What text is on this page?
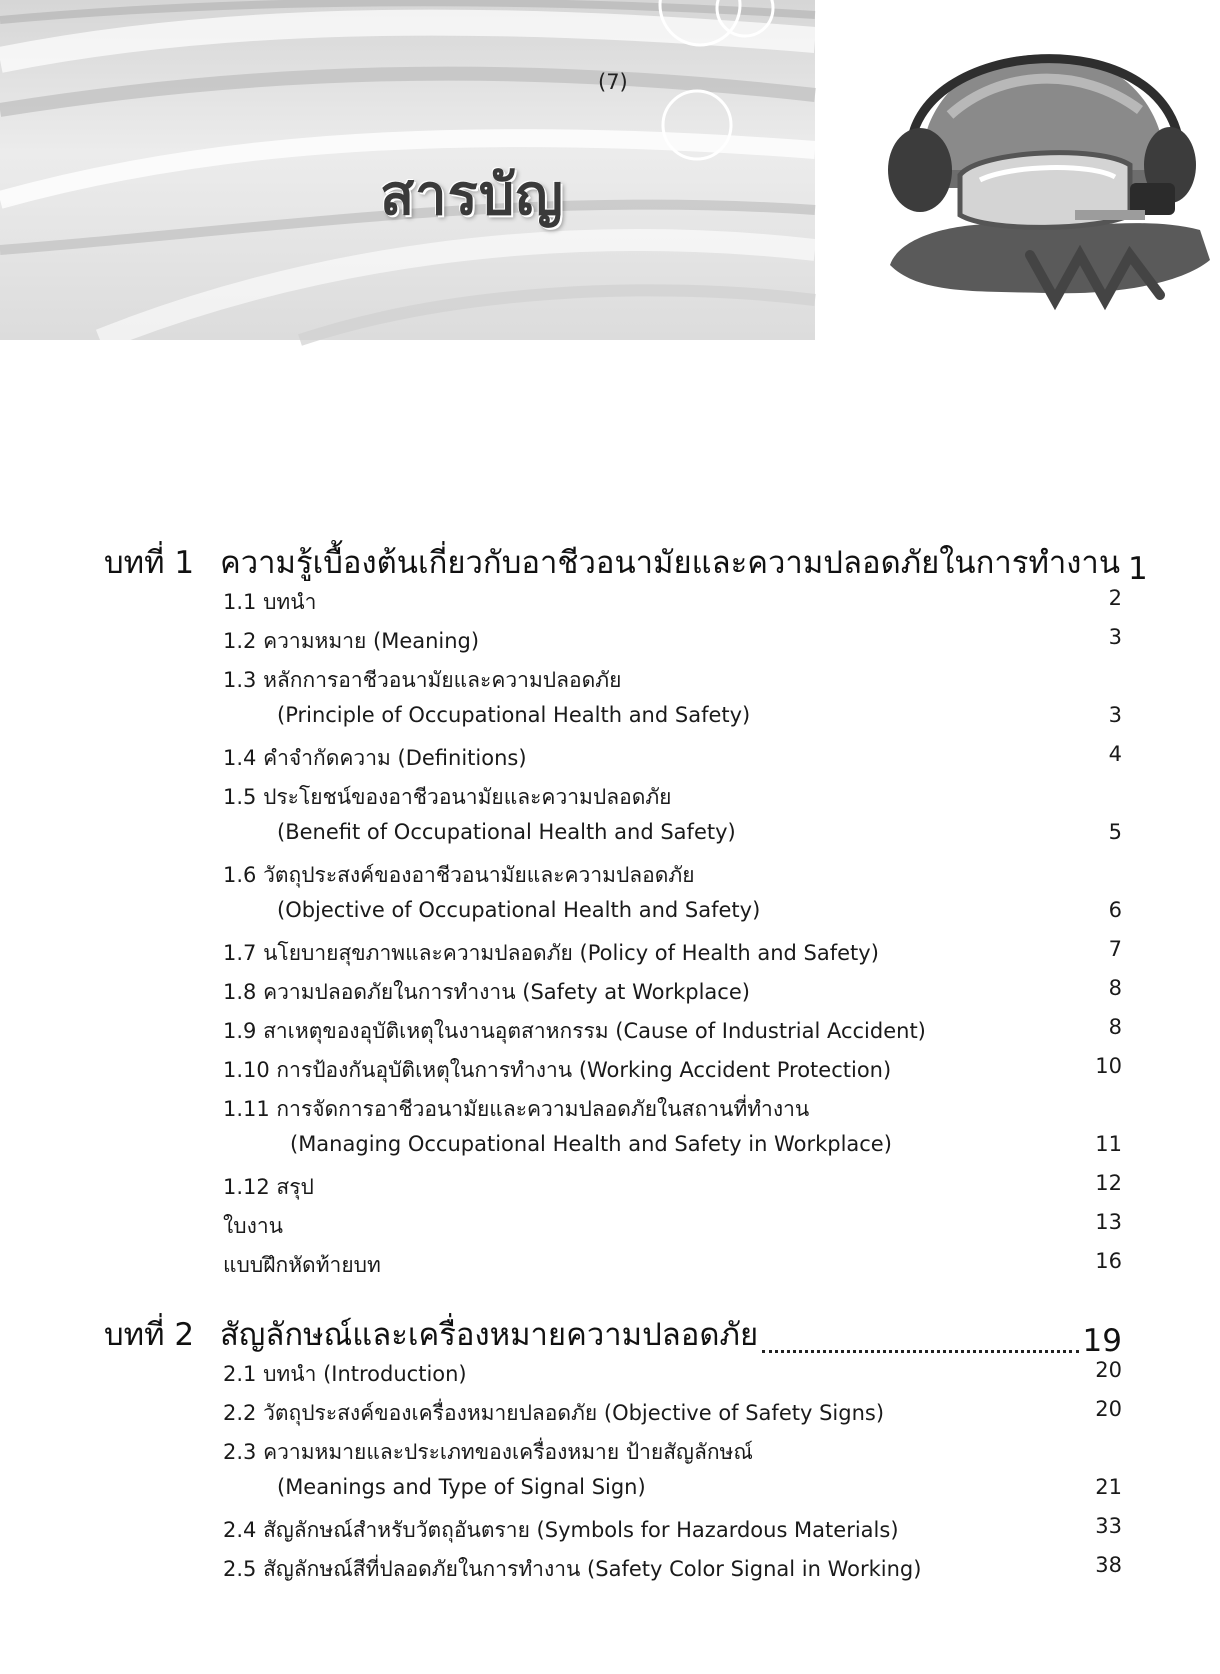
(7)
สารบัญ
บทที่ 1 ความรู้เบื้องต้นเกี่ยวกับอาชีวอนามัยและความปลอดภัยในการทำงาน 1
1.1 บทนำ	2
1.2 ความหมาย (Meaning)	3
1.3 หลักการอาชีวอนามัยและความปลอดภัย
(Principle of Occupational Health and Safety)	3
1.4 คำจำกัดความ (Definitions)	4
1.5 ประโยชน์ของอาชีวอนามัยและความปลอดภัย
(Benefit of Occupational Health and Safety)	5
1.6 วัตถุประสงค์ของอาชีวอนามัยและความปลอดภัย
(Objective of Occupational Health and Safety)	6
1.7 นโยบายสุขภาพและความปลอดภัย (Policy of Health and Safety)	7
1.8 ความปลอดภัยในการทำงาน (Safety at Workplace)	8
1.9 สาเหตุของอุบัติเหตุในงานอุตสาหกรรม (Cause of Industrial Accident)	8
1.10 การป้องกันอุบัติเหตุในการทำงาน (Working Accident Protection)	10
1.11 การจัดการอาชีวอนามัยและความปลอดภัยในสถานที่ทำงาน
(Managing Occupational Health and Safety in Workplace)	11
1.12 สรุป	12
ใบงาน	13
แบบฝึกหัดท้ายบท	16
บทที่ 2 สัญลักษณ์และเครื่องหมายความปลอดภัย	19
2.1 บทนำ (Introduction)	20
2.2 วัตถุประสงค์ของเครื่องหมายปลอดภัย (Objective of Safety Signs)	20
2.3 ความหมายและประเภทของเครื่องหมาย ป้ายสัญลักษณ์
(Meanings and Type of Signal Sign)	21
2.4 สัญลักษณ์สำหรับวัตถุอันตราย (Symbols for Hazardous Materials)	33
2.5 สัญลักษณ์สีที่ปลอดภัยในการทำงาน (Safety Color Signal in Working)	38
